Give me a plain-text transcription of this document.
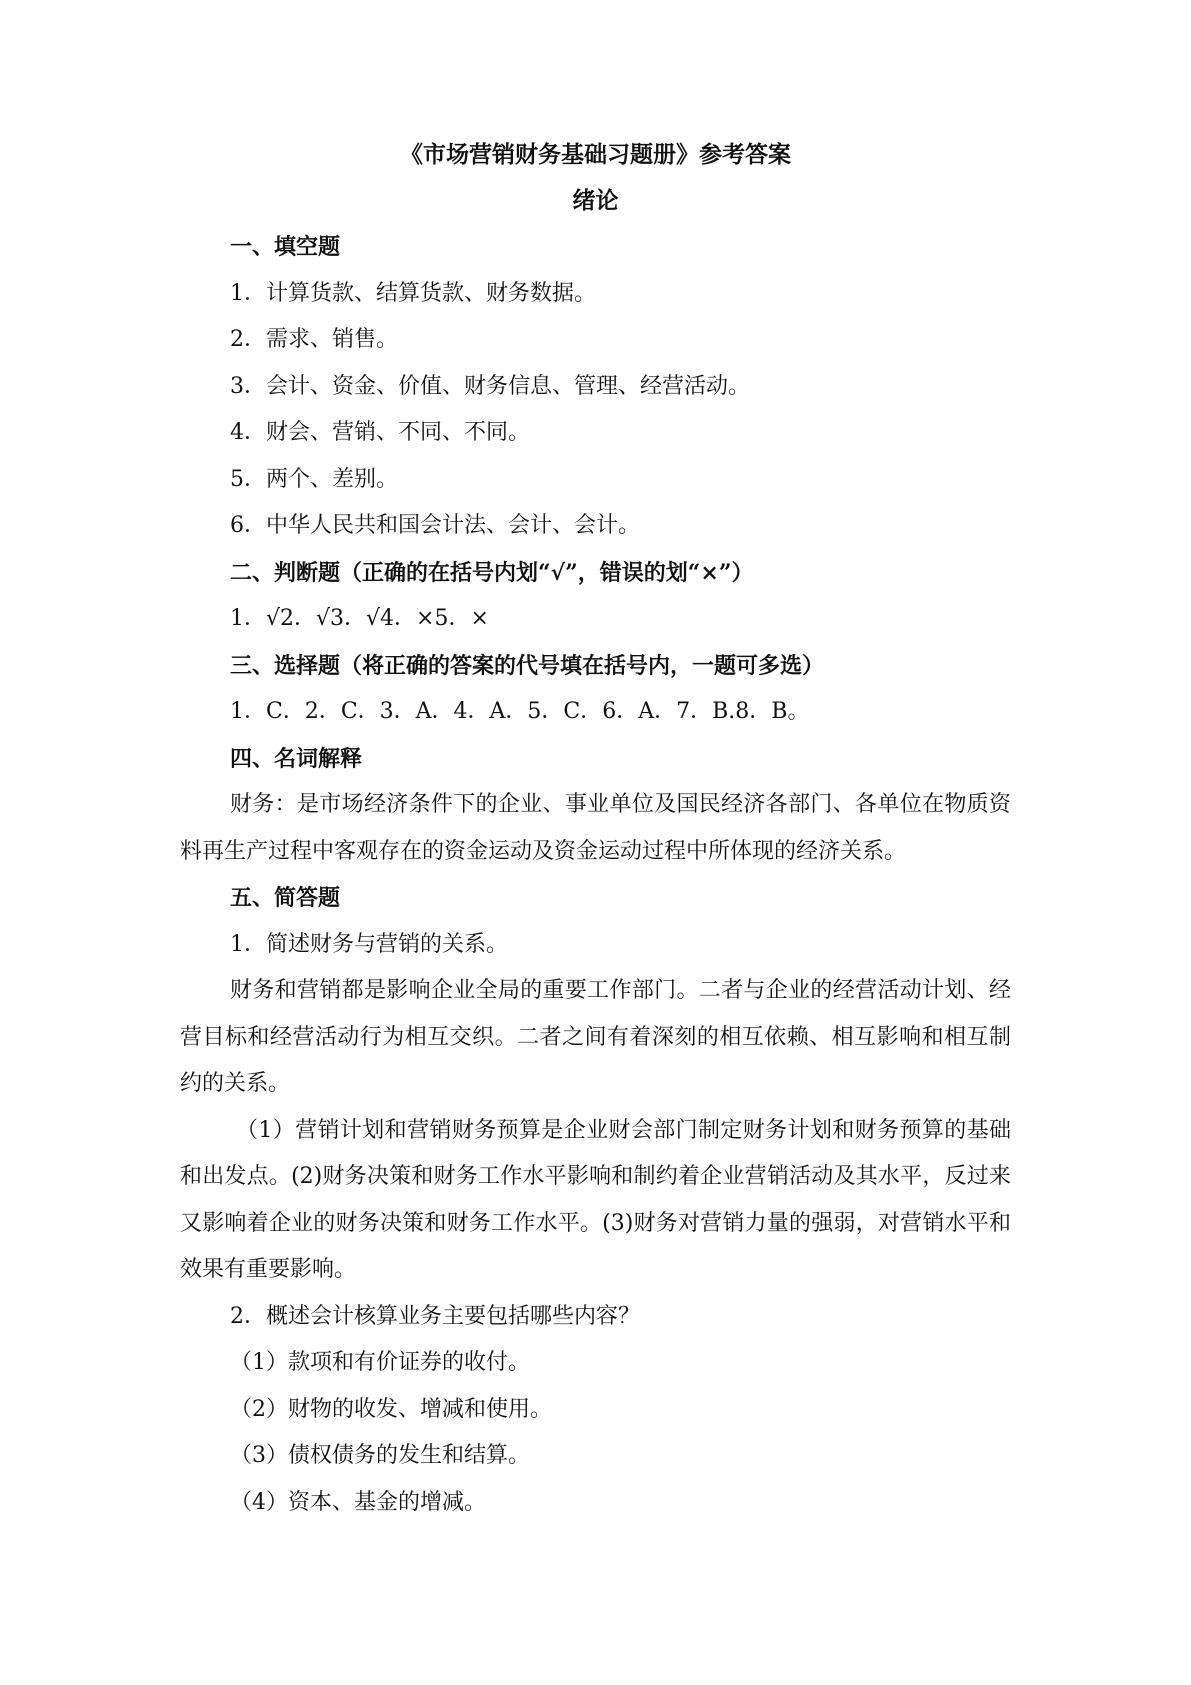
《市场营销财务基础习题册》参考答案
绪论

一、填空题

1．计算货款、结算货款、财务数据。

2．需求、销售。

3．会计、资金、价值、财务信息、管理、经营活动。

4．财会、营销、不同、不同。

5．两个、差别。

6．中华人民共和国会计法、会计、会计。

二、判断题（正确的在括号内划“√”，错误的划“×”）

1．√2．√3．√4．×5．×

三、选择题（将正确的答案的代号填在括号内，一题可多选）

1．C．2．C．3．A．4．A．5．C．6．A．7．B.8．B。

四、名词解释

财务：是市场经济条件下的企业、事业单位及国民经济各部门、各单位在物质资料再生产过程中客观存在的资金运动及资金运动过程中所体现的经济关系。

五、简答题

1．简述财务与营销的关系。

财务和营销都是影响企业全局的重要工作部门。二者与企业的经营活动计划、经营目标和经营活动行为相互交织。二者之间有着深刻的相互依赖、相互影响和相互制约的关系。

（1）营销计划和营销财务预算是企业财会部门制定财务计划和财务预算的基础和出发点。(2)财务决策和财务工作水平影响和制约着企业营销活动及其水平，反过来又影响着企业的财务决策和财务工作水平。(3)财务对营销力量的强弱，对营销水平和效果有重要影响。

2．概述会计核算业务主要包括哪些内容？

（1）款项和有价证券的收付。

（2）财物的收发、增减和使用。

（3）债权债务的发生和结算。

（4）资本、基金的增减。
